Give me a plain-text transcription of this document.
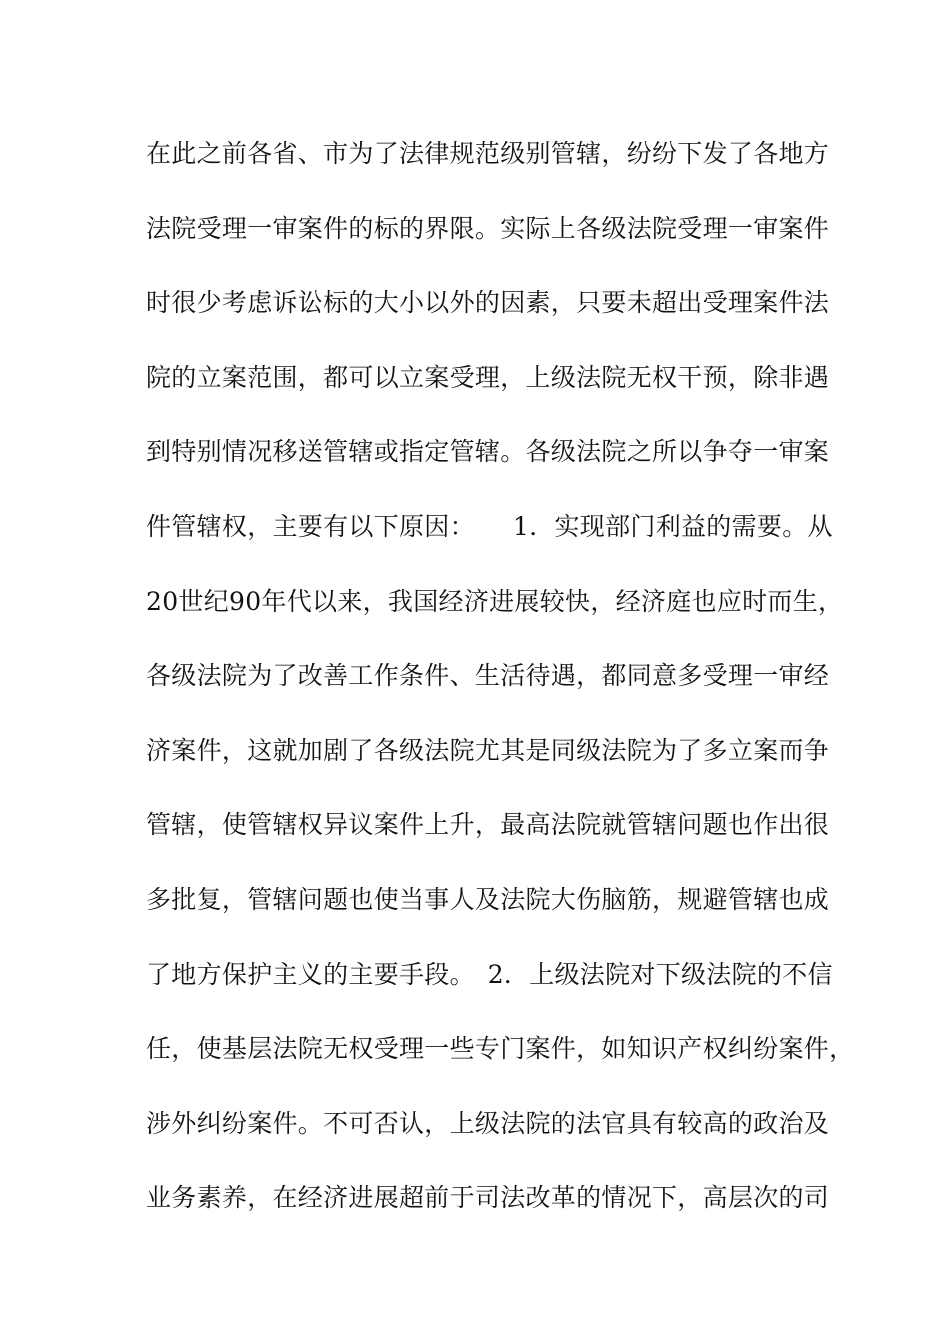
在此之前各省、市为了法律规范级别管辖，纷纷下发了各地方
法院受理一审案件的标的界限。实际上各级法院受理一审案件
时很少考虑诉讼标的大小以外的因素，只要未超出受理案件法
院的立案范围，都可以立案受理，上级法院无权干预，除非遇
到特别情况移送管辖或指定管辖。各级法院之所以争夺一审案
件管辖权，主要有以下原因：　　1．实现部门利益的需要。从
20世纪90年代以来，我国经济进展较快，经济庭也应时而生，
各级法院为了改善工作条件、生活待遇，都同意多受理一审经
济案件，这就加剧了各级法院尤其是同级法院为了多立案而争
管辖，使管辖权异议案件上升，最高法院就管辖问题也作出很
多批复，管辖问题也使当事人及法院大伤脑筋，规避管辖也成
了地方保护主义的主要手段。　2．上级法院对下级法院的不信
任，使基层法院无权受理一些专门案件，如知识产权纠纷案件，
涉外纠纷案件。不可否认，上级法院的法官具有较高的政治及
业务素养，在经济进展超前于司法改革的情况下，高层次的司
